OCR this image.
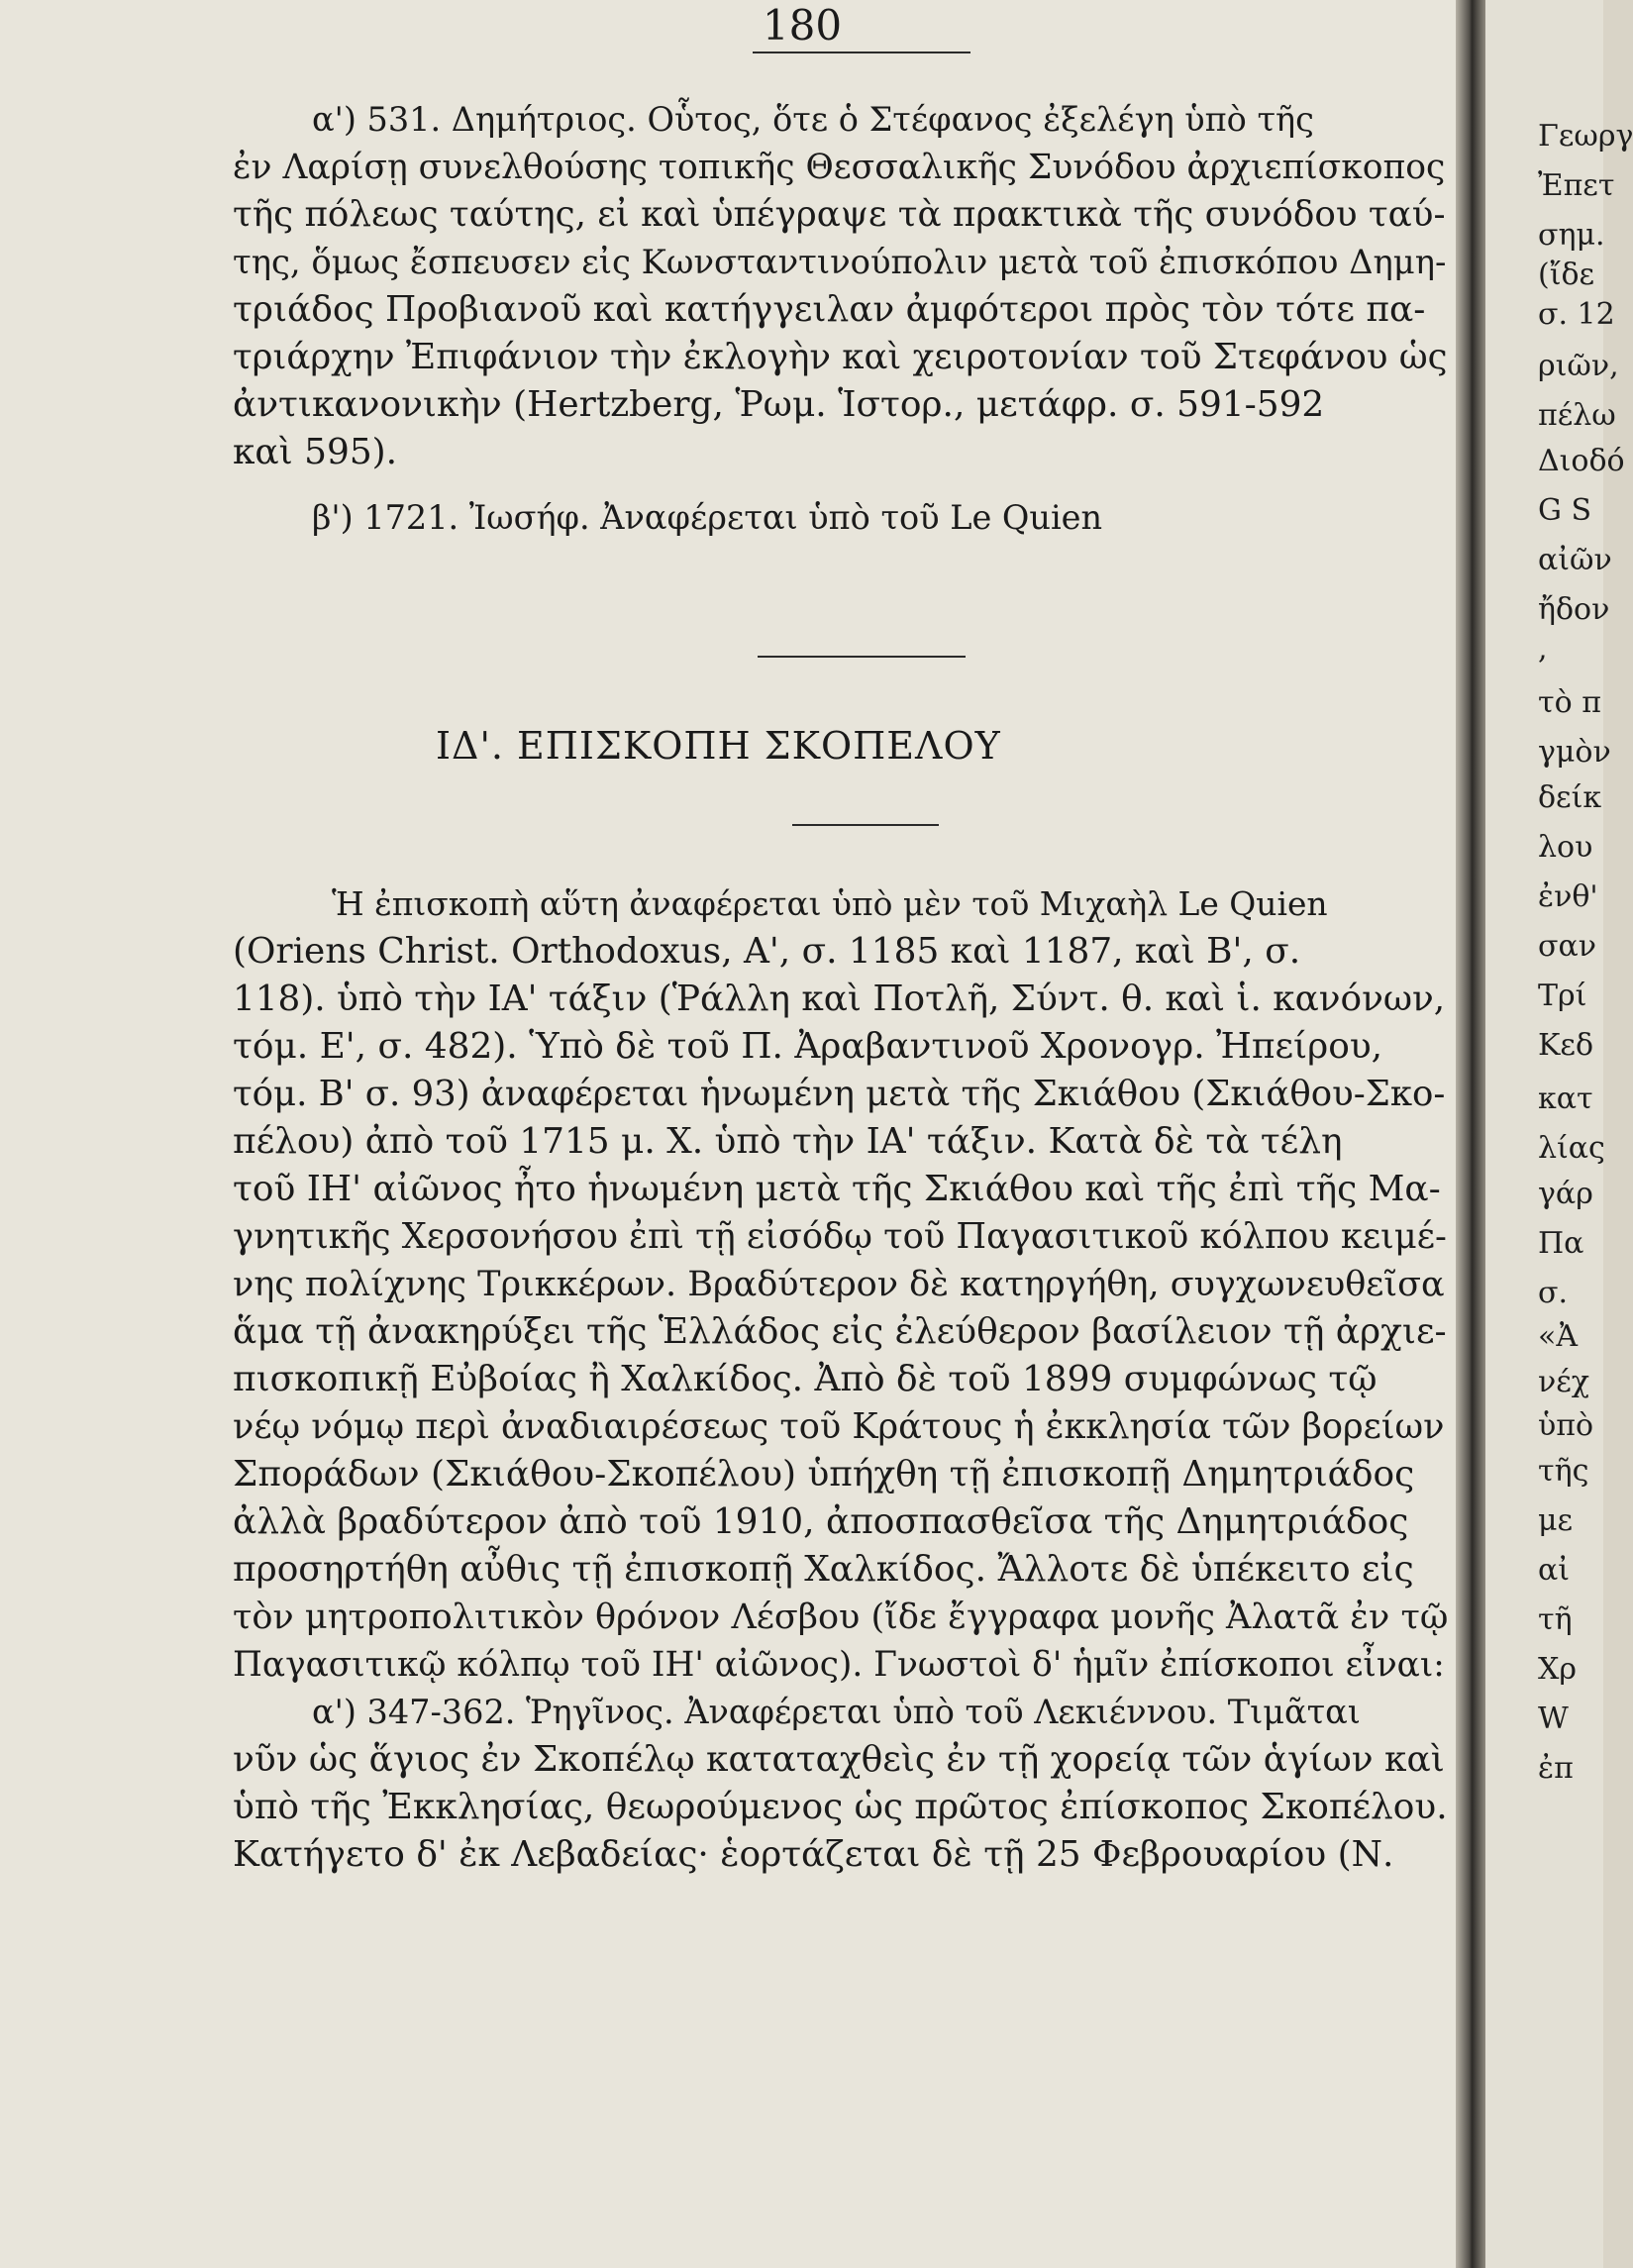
180
α') 531. Δημήτριος. Οὗτος, ὅτε ὁ Στέφανος ἐξελέγη ὑπὸ τῆς
ἐν Λαρίσῃ συνελθούσης τοπικῆς Θεσσαλικῆς Συνόδου ἀρχιεπίσκοπος
τῆς πόλεως ταύτης, εἰ καὶ ὑπέγραψε τὰ πρακτικὰ τῆς συνόδου ταύ-
της, ὅμως ἔσπευσεν εἰς Κωνσταντινούπολιν μετὰ τοῦ ἐπισκόπου Δημη-
τριάδος Προβιανοῦ καὶ κατήγγειλαν ἀμφότεροι πρὸς τὸν τότε πα-
τριάρχην Ἐπιφάνιον τὴν ἐκλογὴν καὶ χειροτονίαν τοῦ Στεφάνου ὡς
ἀντικανονικὴν (Hertzberg, Ῥωμ. Ἱστορ., μετάφρ. σ. 591-592
καὶ 595).
β') 1721. Ἰωσήφ. Ἀναφέρεται ὑπὸ τοῦ Le Quien
Ἡ ἐπισκοπὴ αὕτη ἀναφέρεται ὑπὸ μὲν τοῦ Μιχαὴλ Le Quien
(Oriens Christ. Orthodoxus, Α', σ. 1185 καὶ 1187, καὶ Β', σ.
118). ὑπὸ τὴν ΙΑ' τάξιν (Ῥάλλη καὶ Ποτλῆ, Σύντ. θ. καὶ ἱ. κανόνων,
τόμ. Ε', σ. 482). Ὑπὸ δὲ τοῦ Π. Ἀραβαντινοῦ Χρονογρ. Ἠπείρου,
τόμ. Β' σ. 93) ἀναφέρεται ἡνωμένη μετὰ τῆς Σκιάθου (Σκιάθου-Σκο-
πέλου) ἀπὸ τοῦ 1715 μ. Χ. ὑπὸ τὴν ΙΑ' τάξιν. Κατὰ δὲ τὰ τέλη
τοῦ ΙΗ' αἰῶνος ἦτο ἡνωμένη μετὰ τῆς Σκιάθου καὶ τῆς ἐπὶ τῆς Μα-
γνητικῆς Χερσονήσου ἐπὶ τῇ εἰσόδῳ τοῦ Παγασιτικοῦ κόλπου κειμέ-
νης πολίχνης Τρικκέρων. Βραδύτερον δὲ κατηργήθη, συγχωνευθεῖσα
ἅμα τῇ ἀνακηρύξει τῆς Ἑλλάδος εἰς ἐλεύθερον βασίλειον τῇ ἀρχιε-
πισκοπικῇ Εὐβοίας ἢ Χαλκίδος. Ἀπὸ δὲ τοῦ 1899 συμφώνως τῷ
νέῳ νόμῳ περὶ ἀναδιαιρέσεως τοῦ Κράτους ἡ ἐκκλησία τῶν βορείων
Σποράδων (Σκιάθου-Σκοπέλου) ὑπήχθη τῇ ἐπισκοπῇ Δημητριάδος
ἀλλὰ βραδύτερον ἀπὸ τοῦ 1910, ἀποσπασθεῖσα τῆς Δημητριάδος
προσηρτήθη αὖθις τῇ ἐπισκοπῇ Χαλκίδος. Ἄλλοτε δὲ ὑπέκειτο εἰς
τὸν μητροπολιτικὸν θρόνον Λέσβου (ἴδε ἔγγραφα μονῆς Ἀλατᾶ ἐν τῷ
Παγασιτικῷ κόλπῳ τοῦ ΙΗ' αἰῶνος). Γνωστοὶ δ' ἡμῖν ἐπίσκοποι εἶναι:
α') 347-362. Ῥηγῖνος. Ἀναφέρεται ὑπὸ τοῦ Λεκιέννου. Τιμᾶται
νῦν ὡς ἅγιος ἐν Σκοπέλῳ καταταχθεὶς ἐν τῇ χορείᾳ τῶν ἁγίων καὶ
ὑπὸ τῆς Ἐκκλησίας, θεωρούμενος ὡς πρῶτος ἐπίσκοπος Σκοπέλου.
Κατήγετο δ' ἐκ Λεβαδείας· ἑορτάζεται δὲ τῇ 25 Φεβρουαρίου (Ν.
ΙΔ'. ΕΠΙΣΚΟΠΗ ΣΚΟΠΕΛΟΥ
Γεωργ
Ἐπετ
σημ.
(ἴδε
σ. 12
ριῶν,
πέλω
Διοδό
G S
αἰῶν
ἤδον
,
τὸ π
γμὸν
δείκ
λου
ἐνθ'
σαν
Τρί
Κεδ
κατ
λίας
γάρ
Πα
σ.
«Ἀ
νέχ
ὑπὸ
τῆς
με
αἰ
τῆ
Χρ
W
ἐπ
